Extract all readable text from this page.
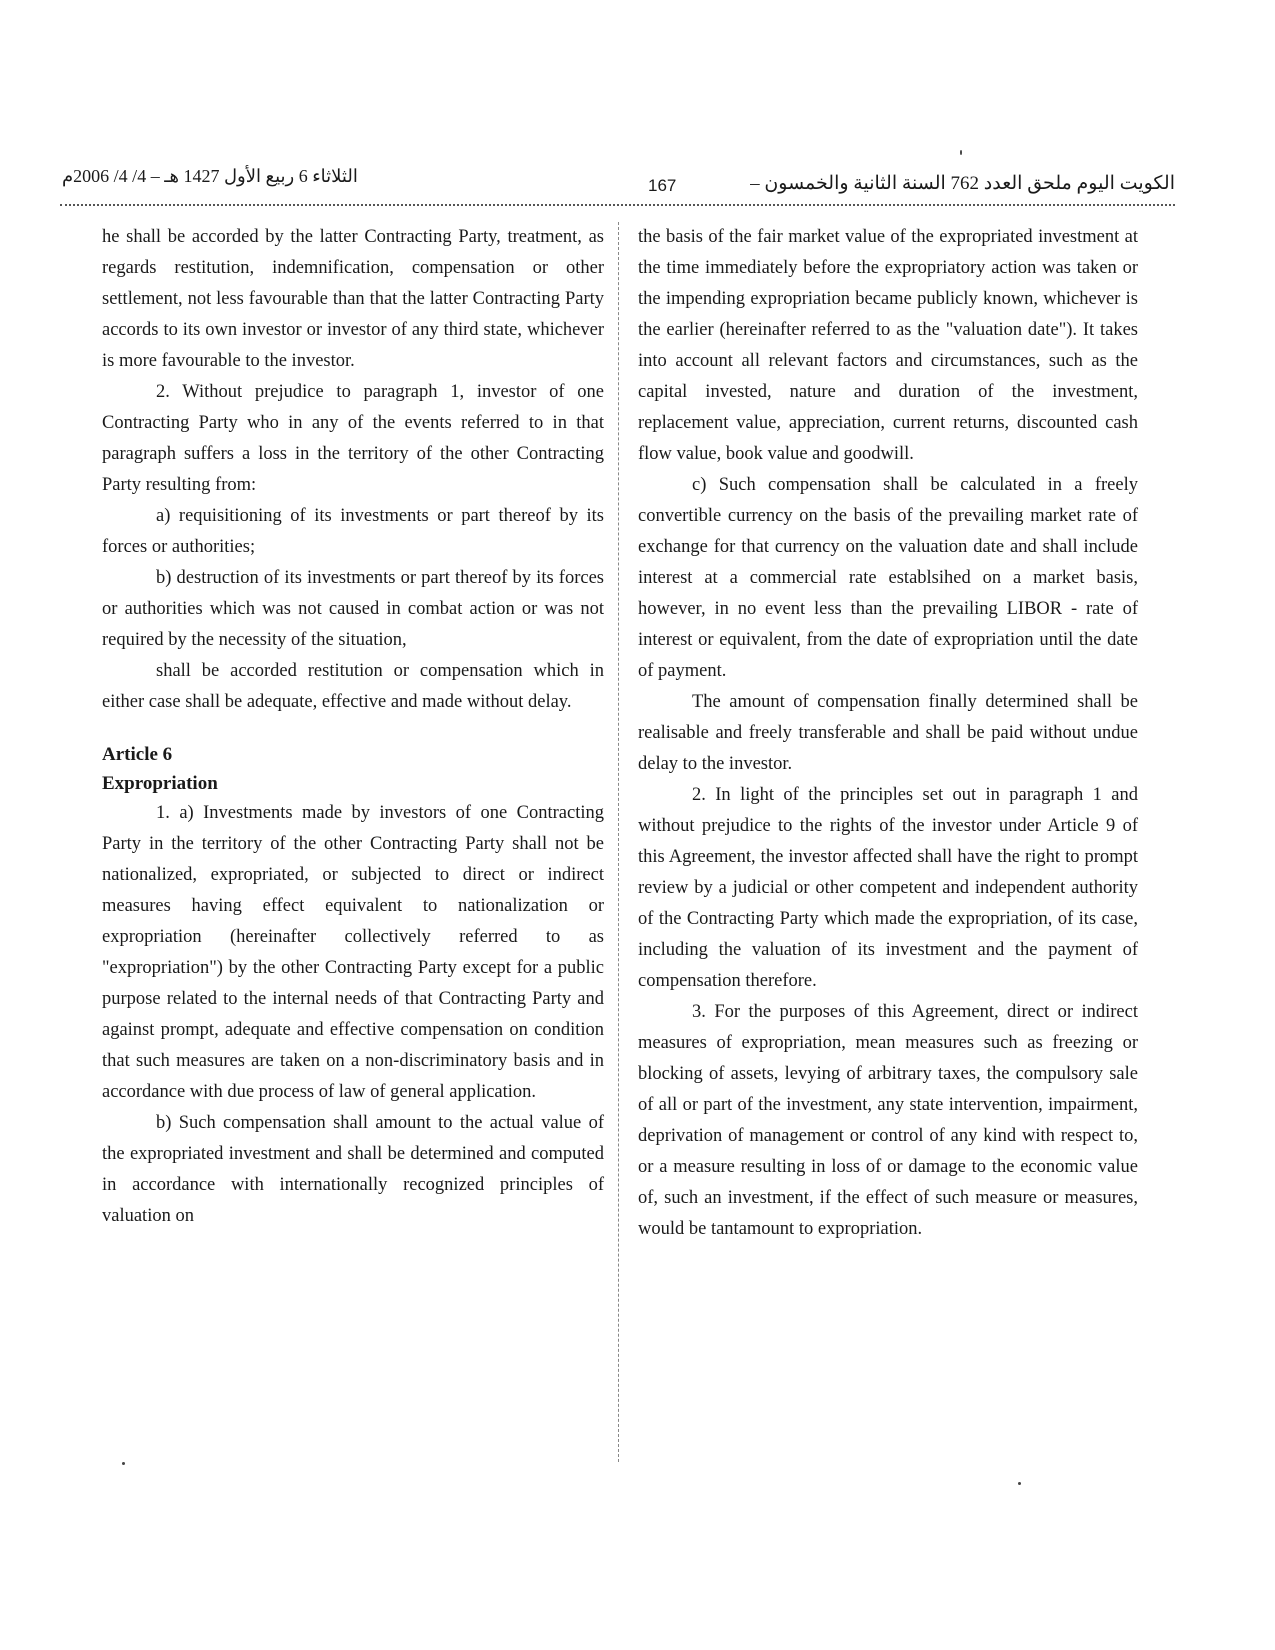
الكويت اليوم ملحق العدد 762 السنة الثانية والخمسون –
167
الثلاثاء 6 ربيع الأول 1427 هـ – 4/ 4/ 2006م

he shall be accorded by the latter Contracting Party, treatment, as regards restitution, indemnification, compensation or other settlement, not less favourable than that the latter Contracting Party accords to its own investor or investor of any third state, whichever is more favourable to the investor.

2. Without prejudice to paragraph 1, investor of one Contracting Party who in any of the events referred to in that paragraph suffers a loss in the territory of the other Contracting Party resulting from:

a) requisitioning of its investments or part thereof by its forces or authorities;

b) destruction of its investments or part thereof by its forces or authorities which was not caused in combat action or was not required by the necessity of the situation,

shall be accorded restitution or compensation which in either case shall be adequate, effective and made without delay.

Article 6

Expropriation

1. a) Investments made by investors of one Contracting Party in the territory of the other Contracting Party shall not be nationalized, expropriated, or subjected to direct or indirect measures having effect equivalent to nationalization or expropriation (hereinafter collectively referred to as "expropriation") by the other Contracting Party except for a public purpose related to the internal needs of that Contracting Party and against prompt, adequate and effective compensation on condition that such measures are taken on a non-discriminatory basis and in accordance with due process of law of general application.

b) Such compensation shall amount to the actual value of the expropriated investment and shall be determined and computed in accordance with internationally recognized principles of valuation on

the basis of the fair market value of the expropriated investment at the time immediately before the expropriatory action was taken or the impending expropriation became publicly known, whichever is the earlier (hereinafter referred to as the "valuation date"). It takes into account all relevant factors and circumstances, such as the capital invested, nature and duration of the investment, replacement value, appreciation, current returns, discounted cash flow value, book value and goodwill.

c) Such compensation shall be calculated in a freely convertible currency on the basis of the prevailing market rate of exchange for that currency on the valuation date and shall include interest at a commercial rate establsihed on a market basis, however, in no event less than the prevailing LIBOR - rate of interest or equivalent, from the date of expropriation until the date of payment.

The amount of compensation finally determined shall be realisable and freely transferable and shall be paid without undue delay to the investor.

2. In light of the principles set out in paragraph 1 and without prejudice to the rights of the investor under Article 9 of this Agreement, the investor affected shall have the right to prompt review by a judicial or other competent and independent authority of the Contracting Party which made the expropriation, of its case, including the valuation of its investment and the payment of compensation therefore.

3. For the purposes of this Agreement, direct or indirect measures of expropriation, mean measures such as freezing or blocking of assets, levying of arbitrary taxes, the compulsory sale of all or part of the investment, any state intervention, impairment, deprivation of management or control of any kind with respect to, or a measure resulting in loss of or damage to the economic value of, such an investment, if the effect of such measure or measures, would be tantamount to expropriation.
